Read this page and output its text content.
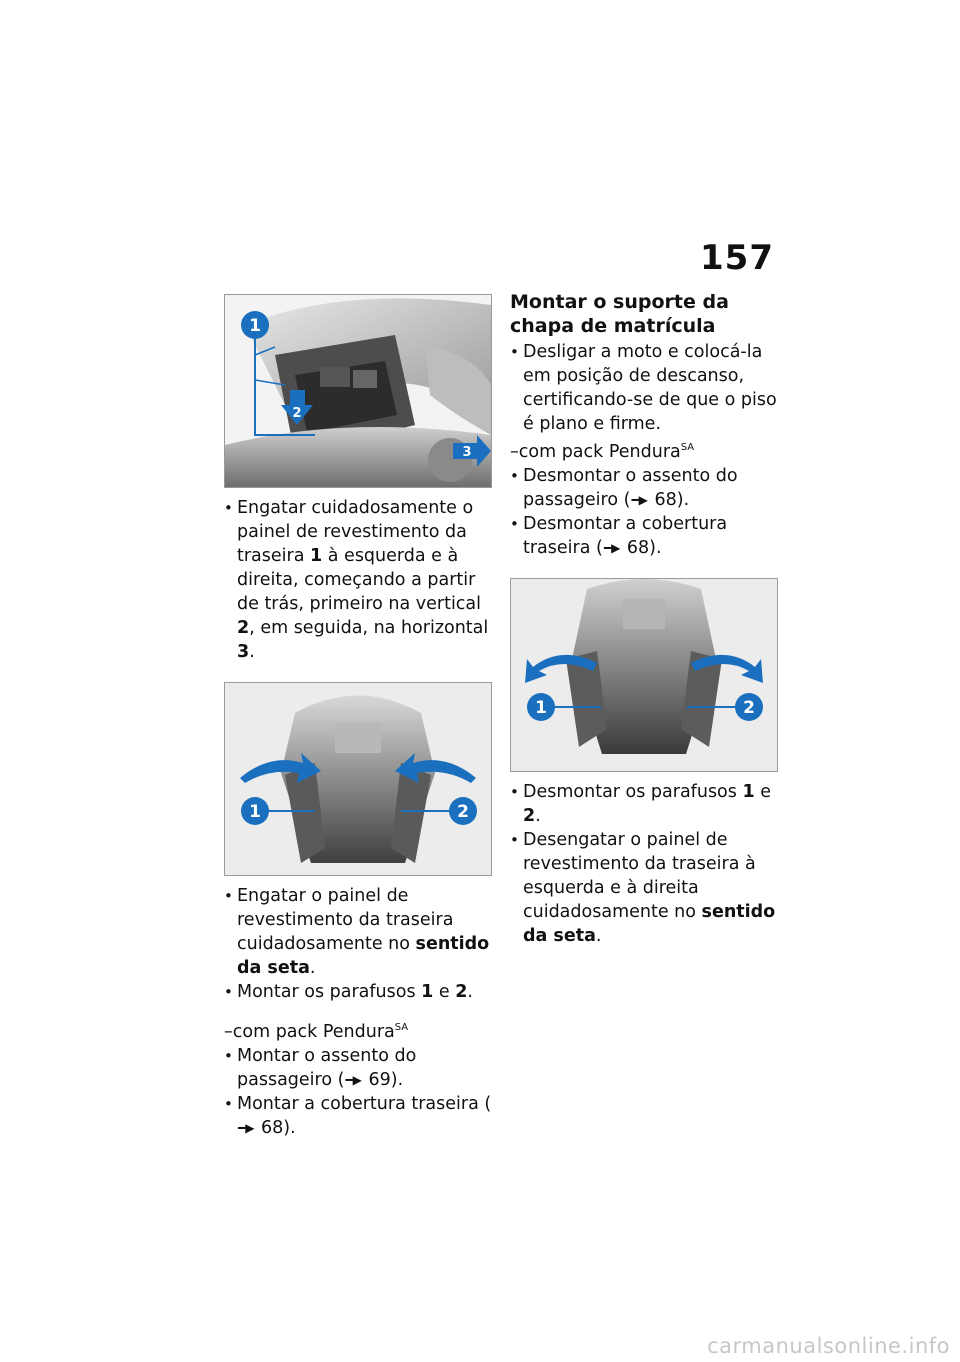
157
1
2
3

• Engatar cuidadosamente o painel de revestimento da traseira 1 à esquerda e à direita, começando a partir de trás, primeiro na vertical 2, em seguida, na horizontal 3.

1	2

• Engatar o painel de revestimento da traseira cuidadosamente no sentido da seta.

• Montar os parafusos 1 e 2.

–com pack Pendura$^{SA}$

• Montar o assento do passageiro (━▶ 69).

• Montar a cobertura traseira (━▶ 68).

Montar o suporte da chapa de matrícula

• Desligar a moto e colocá-la em posição de descanso, certificando-se de que o piso é plano e firme.

–com pack Pendura$^{SA}$

• Desmontar o assento do passageiro (━▶ 68).

• Desmontar a cobertura traseira (━▶ 68).

1	2

• Desmontar os parafusos 1 e 2.

• Desengatar o painel de revestimento da traseira à esquerda e à direita cuidadosamente no sentido da seta.

carmanualsonline.info
